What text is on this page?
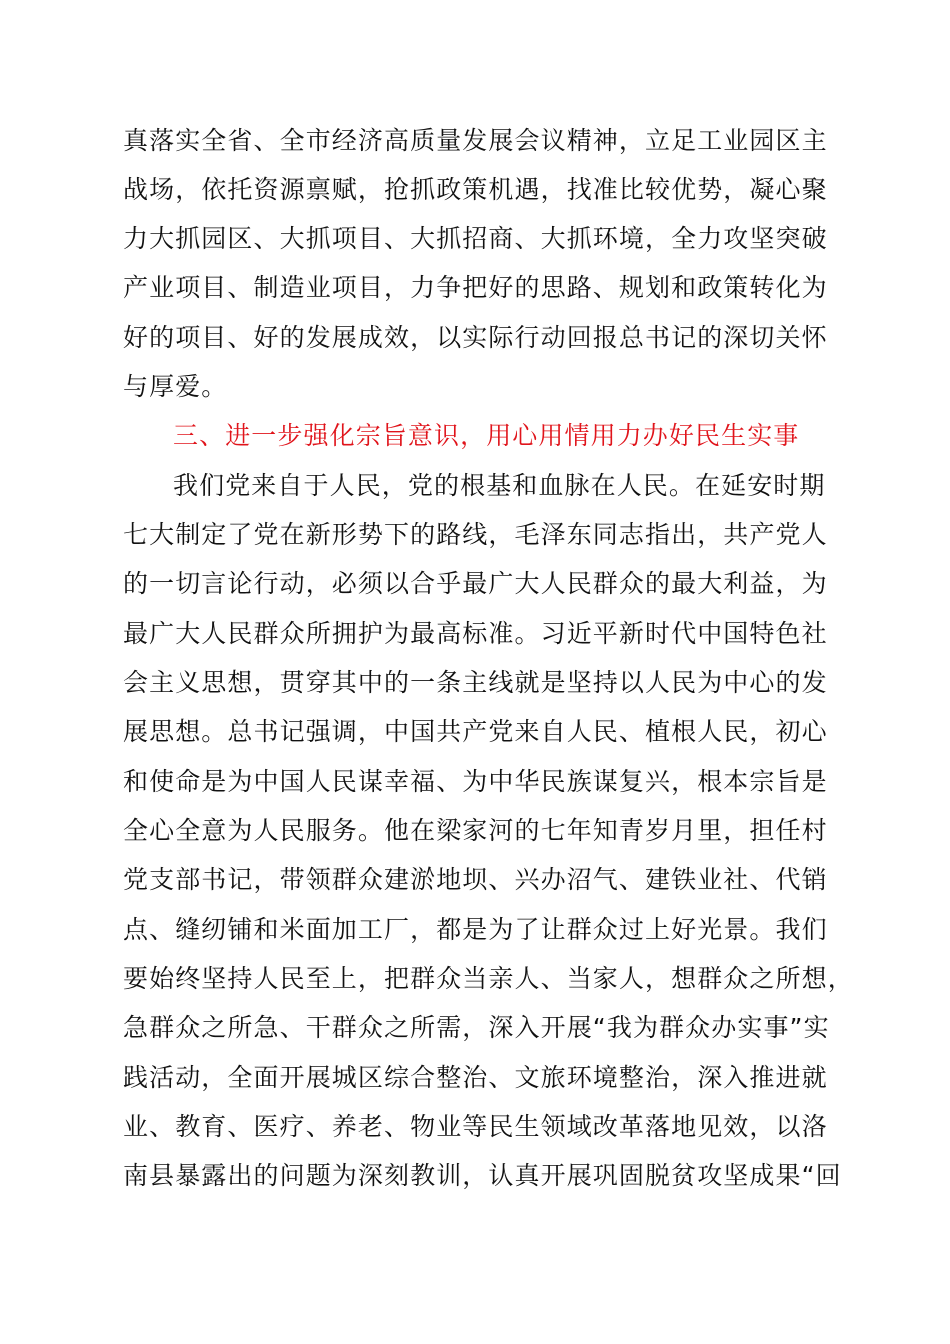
真落实全省、全市经济高质量发展会议精神，立足工业园区主
战场，依托资源禀赋，抢抓政策机遇，找准比较优势，凝心聚
力大抓园区、大抓项目、大抓招商、大抓环境，全力攻坚突破
产业项目、制造业项目，力争把好的思路、规划和政策转化为
好的项目、好的发展成效，以实际行动回报总书记的深切关怀
与厚爱。
三、进一步强化宗旨意识，用心用情用力办好民生实事
我们党来自于人民，党的根基和血脉在人民。在延安时期
七大制定了党在新形势下的路线，毛泽东同志指出，共产党人
的一切言论行动，必须以合乎最广大人民群众的最大利益，为
最广大人民群众所拥护为最高标准。习近平新时代中国特色社
会主义思想，贯穿其中的一条主线就是坚持以人民为中心的发
展思想。总书记强调，中国共产党来自人民、植根人民，初心
和使命是为中国人民谋幸福、为中华民族谋复兴，根本宗旨是
全心全意为人民服务。他在梁家河的七年知青岁月里，担任村
党支部书记，带领群众建淤地坝、兴办沼气、建铁业社、代销
点、缝纫铺和米面加工厂，都是为了让群众过上好光景。我们
要始终坚持人民至上，把群众当亲人、当家人，想群众之所想，
急群众之所急、干群众之所需，深入开展“我为群众办实事”实
践活动，全面开展城区综合整治、文旅环境整治，深入推进就
业、教育、医疗、养老、物业等民生领域改革落地见效，以洛
南县暴露出的问题为深刻教训，认真开展巩固脱贫攻坚成果“回
